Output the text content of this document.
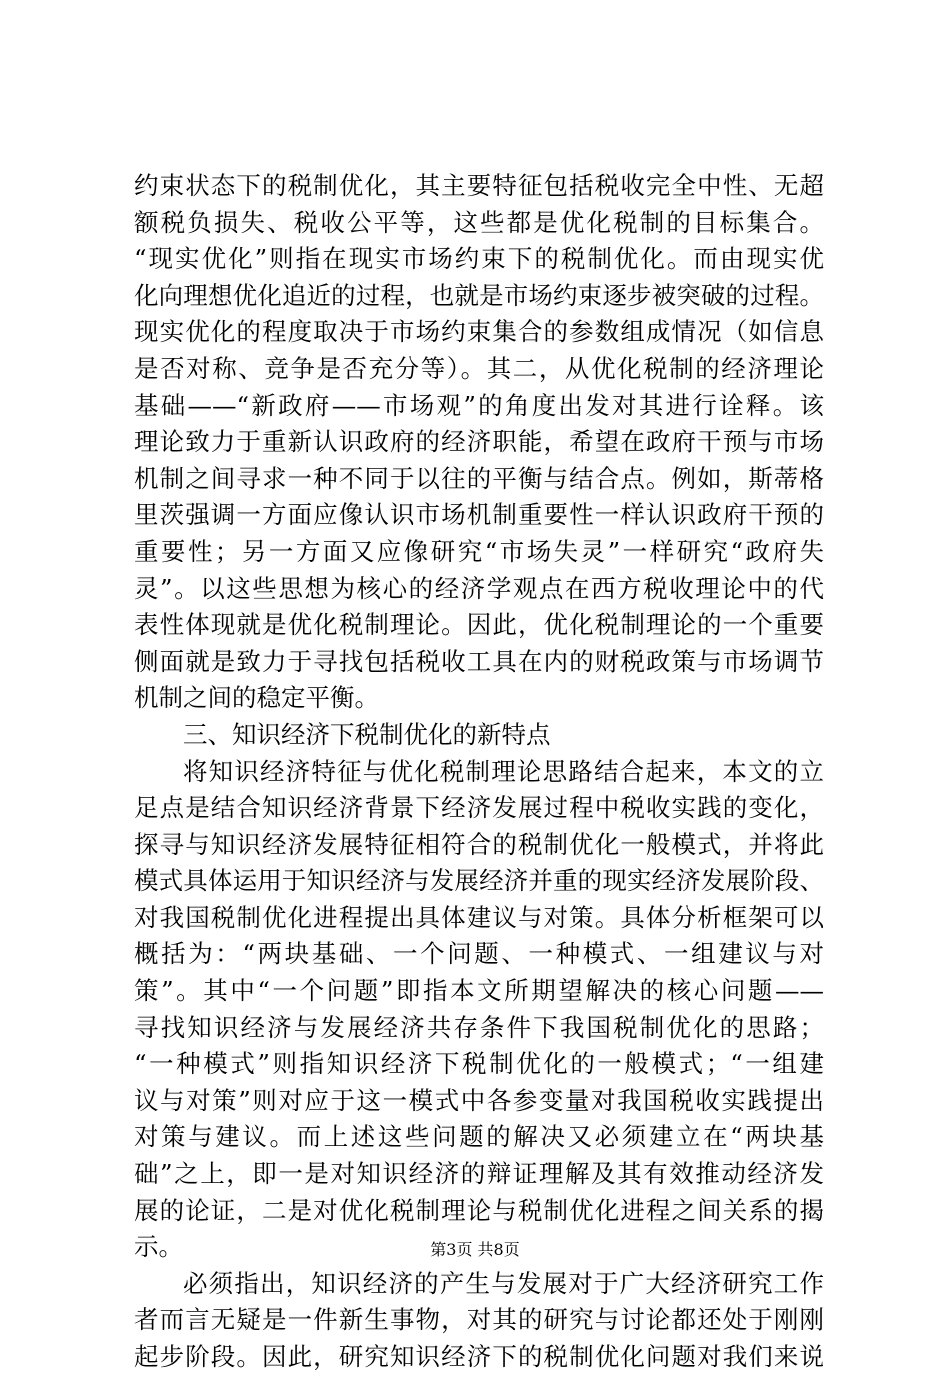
约束状态下的税制优化，其主要特征包括税收完全中性、无超
额税负损失、税收公平等，这些都是优化税制的目标集合。
“现实优化”则指在现实市场约束下的税制优化。而由现实优
化向理想优化追近的过程，也就是市场约束逐步被突破的过程。
现实优化的程度取决于市场约束集合的参数组成情况（如信息
是否对称、竞争是否充分等）。其二，从优化税制的经济理论
基础——“新政府——市场观”的角度出发对其进行诠释。该
理论致力于重新认识政府的经济职能，希望在政府干预与市场
机制之间寻求一种不同于以往的平衡与结合点。例如，斯蒂格
里茨强调一方面应像认识市场机制重要性一样认识政府干预的
重要性；另一方面又应像研究“市场失灵”一样研究“政府失
灵”。以这些思想为核心的经济学观点在西方税收理论中的代
表性体现就是优化税制理论。因此，优化税制理论的一个重要
侧面就是致力于寻找包括税收工具在内的财税政策与市场调节
机制之间的稳定平衡。
三、知识经济下税制优化的新特点
将知识经济特征与优化税制理论思路结合起来，本文的立
足点是结合知识经济背景下经济发展过程中税收实践的变化，
探寻与知识经济发展特征相符合的税制优化一般模式，并将此
模式具体运用于知识经济与发展经济并重的现实经济发展阶段、
对我国税制优化进程提出具体建议与对策。具体分析框架可以
概括为：“两块基础、一个问题、一种模式、一组建议与对
策”。其中“一个问题”即指本文所期望解决的核心问题——
寻找知识经济与发展经济共存条件下我国税制优化的思路；
“一种模式”则指知识经济下税制优化的一般模式；“一组建
议与对策”则对应于这一模式中各参变量对我国税收实践提出
对策与建议。而上述这些问题的解决又必须建立在“两块基
础”之上，即一是对知识经济的辩证理解及其有效推动经济发
展的论证，二是对优化税制理论与税制优化进程之间关系的揭
示。
必须指出，知识经济的产生与发展对于广大经济研究工作
者而言无疑是一件新生事物，对其的研究与讨论都还处于刚刚
起步阶段。因此，研究知识经济下的税制优化问题对我们来说
第3页 共8页
